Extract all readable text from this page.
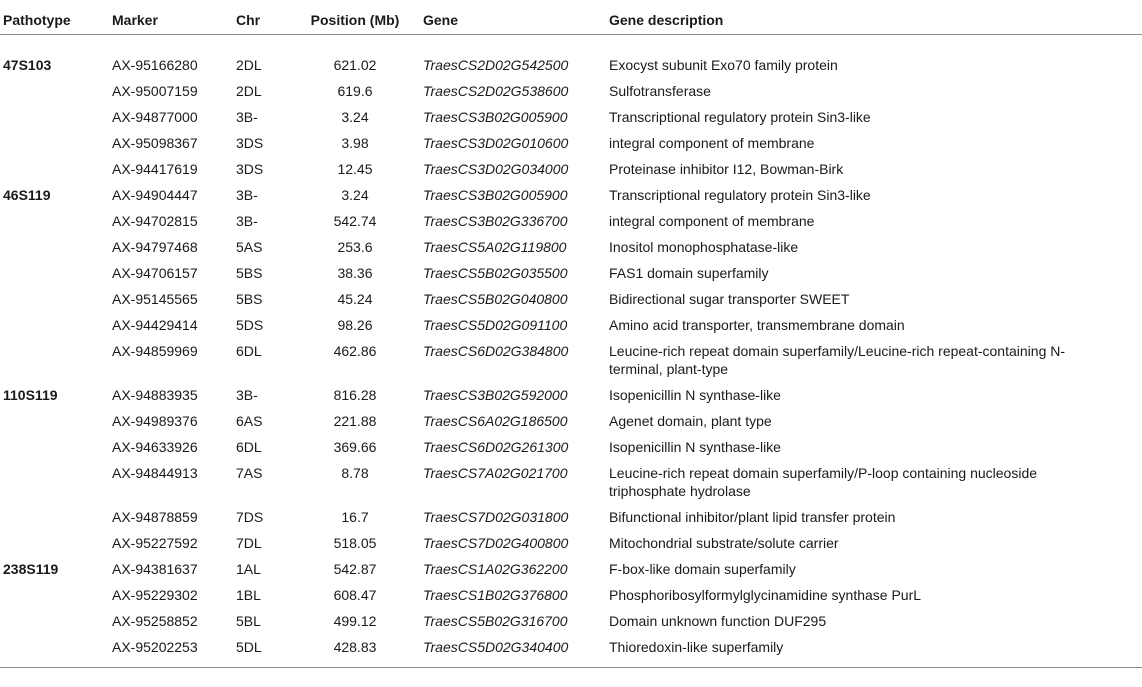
Pathotype	Marker	Chr	Position (Mb)	Gene	Gene description
47S103	AX-95166280	2DL	621.02	TraesCS2D02G542500	Exocyst subunit Exo70 family protein
	AX-95007159	2DL	619.6	TraesCS2D02G538600	Sulfotransferase
	AX-94877000	3B-	3.24	TraesCS3B02G005900	Transcriptional regulatory protein Sin3-like
	AX-95098367	3DS	3.98	TraesCS3D02G010600	integral component of membrane
	AX-94417619	3DS	12.45	TraesCS3D02G034000	Proteinase inhibitor I12, Bowman-Birk
46S119	AX-94904447	3B-	3.24	TraesCS3B02G005900	Transcriptional regulatory protein Sin3-like
	AX-94702815	3B-	542.74	TraesCS3B02G336700	integral component of membrane
	AX-94797468	5AS	253.6	TraesCS5A02G119800	Inositol monophosphatase-like
	AX-94706157	5BS	38.36	TraesCS5B02G035500	FAS1 domain superfamily
	AX-95145565	5BS	45.24	TraesCS5B02G040800	Bidirectional sugar transporter SWEET
	AX-94429414	5DS	98.26	TraesCS5D02G091100	Amino acid transporter, transmembrane domain
	AX-94859969	6DL	462.86	TraesCS6D02G384800	Leucine-rich repeat domain superfamily/Leucine-rich repeat-containing N-terminal, plant-type
110S119	AX-94883935	3B-	816.28	TraesCS3B02G592000	Isopenicillin N synthase-like
	AX-94989376	6AS	221.88	TraesCS6A02G186500	Agenet domain, plant type
	AX-94633926	6DL	369.66	TraesCS6D02G261300	Isopenicillin N synthase-like
	AX-94844913	7AS	8.78	TraesCS7A02G021700	Leucine-rich repeat domain superfamily/P-loop containing nucleoside triphosphate hydrolase
	AX-94878859	7DS	16.7	TraesCS7D02G031800	Bifunctional inhibitor/plant lipid transfer protein
	AX-95227592	7DL	518.05	TraesCS7D02G400800	Mitochondrial substrate/solute carrier
238S119	AX-94381637	1AL	542.87	TraesCS1A02G362200	F-box-like domain superfamily
	AX-95229302	1BL	608.47	TraesCS1B02G376800	Phosphoribosylformylglycinamidine synthase PurL
	AX-95258852	5BL	499.12	TraesCS5B02G316700	Domain unknown function DUF295
	AX-95202253	5DL	428.83	TraesCS5D02G340400	Thioredoxin-like superfamily
